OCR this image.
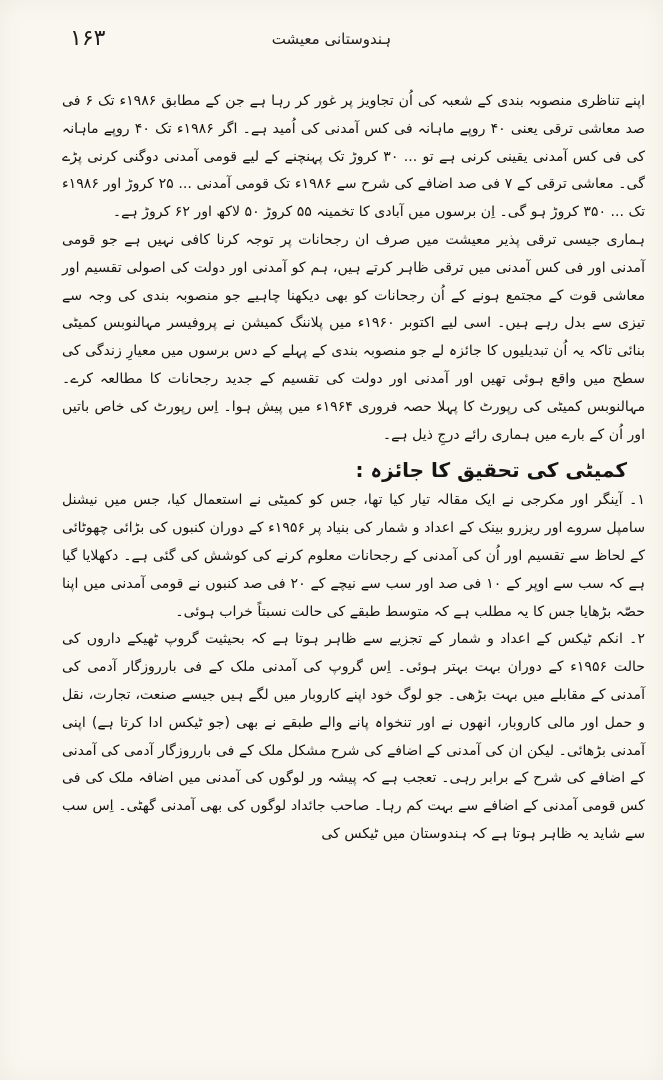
۱۶۳	ہندوستانی معیشت

اپنے تناظری منصوبہ بندی کے شعبہ کی اُن تجاویز پر غور کر رہا ہے جن کے مطابق ۱۹۸۶ء تک ۶ فی صد معاشی ترقی یعنی ۴۰ روپے ماہانہ فی کس آمدنی کی اُمید ہے۔ اگر ۱۹۸۶ء تک ۴۰ روپے ماہانہ کی فی کس آمدنی یقینی کرنی ہے تو ... ۳۰ کروڑ تک پہنچنے کے لیے قومی آمدنی دوگنی کرنی پڑے گی۔ معاشی ترقی کے ۷ فی صد اضافے کی شرح سے ۱۹۸۶ء تک قومی آمدنی ... ۲۵ کروڑ اور ۱۹۸۶ء تک ... ۳۵۰ کروڑ ہو گی۔ اِن برسوں میں آبادی کا تخمینہ ۵۵ کروڑ ۵۰ لاکھ اور ۶۲ کروڑ ہے۔

ہماری جیسی ترقی پذیر معیشت میں صرف ان رجحانات پر توجہ کرنا کافی نہیں ہے جو قومی آمدنی اور فی کس آمدنی میں ترقی ظاہر کرتے ہیں، ہم کو آمدنی اور دولت کی اصولی تقسیم اور معاشی قوت کے مجتمع ہونے کے اُن رجحانات کو بھی دیکھنا چاہیے جو منصوبہ بندی کی وجہ سے تیزی سے بدل رہے ہیں۔ اسی لیے اکتوبر ۱۹۶۰ء میں پلاننگ کمیشن نے پروفیسر مہالنوبس کمیٹی بنائی تاکہ یہ اُن تبدیلیوں کا جائزہ لے جو منصوبہ بندی کے پہلے کے دس برسوں میں معیارِ زندگی کی سطح میں واقع ہوئی تھیں اور آمدنی اور دولت کی تقسیم کے جدید رجحانات کا مطالعہ کرے۔ مہالنوبس کمیٹی کی رپورٹ کا پہلا حصہ فروری ۱۹۶۴ء میں پیش ہوا۔ اِس رپورٹ کی خاص باتیں اور اُن کے بارے میں ہماری رائے درجِ ذیل ہے۔

کمیٹی کی تحقیق کا جائزہ :

۱۔ آینگر اور مکرجی نے ایک مقالہ تیار کیا تھا، جس کو کمیٹی نے استعمال کیا، جس میں نیشنل سامپل سروے اور ریزرو بینک کے اعداد و شمار کی بنیاد پر ۱۹۵۶ء کے دوران کنبوں کی بڑائی چھوٹائی کے لحاظ سے تقسیم اور اُن کی آمدنی کے رجحانات معلوم کرنے کی کوشش کی گئی ہے۔ دکھلایا گیا ہے کہ سب سے اوپر کے ۱۰ فی صد اور سب سے نیچے کے ۲۰ فی صد کنبوں نے قومی آمدنی میں اپنا حصّہ بڑھایا جس کا یہ مطلب ہے کہ متوسط طبقے کی حالت نسبتاً خراب ہوئی۔

۲۔ انکم ٹیکس کے اعداد و شمار کے تجزیے سے ظاہر ہوتا ہے کہ بحیثیت گروپ ٹھیکے داروں کی حالت ۱۹۵۶ء کے دوران بہت بہتر ہوئی۔ اِس گروپ کی آمدنی ملک کے فی بارروزگار آدمی کی آمدنی کے مقابلے میں بہت بڑھی۔ جو لوگ خود اپنے کاروبار میں لگے ہیں جیسے صنعت، تجارت، نقل و حمل اور مالی کاروبار، انھوں نے اور تنخواہ پانے والے طبقے نے بھی (جو ٹیکس ادا کرتا ہے) اپنی آمدنی بڑھائی۔ لیکن ان کی آمدنی کے اضافے کی شرح مشکل ملک کے فی بارروزگار آدمی کی آمدنی کے اضافے کی شرح کے برابر رہی۔ تعجب ہے کہ پیشہ ور لوگوں کی آمدنی میں اضافہ ملک کی فی کس قومی آمدنی کے اضافے سے بہت کم رہا۔ صاحب جائداد لوگوں کی بھی آمدنی گھٹی۔ اِس سب سے شاید یہ ظاہر ہوتا ہے کہ ہندوستان میں ٹیکس کی
